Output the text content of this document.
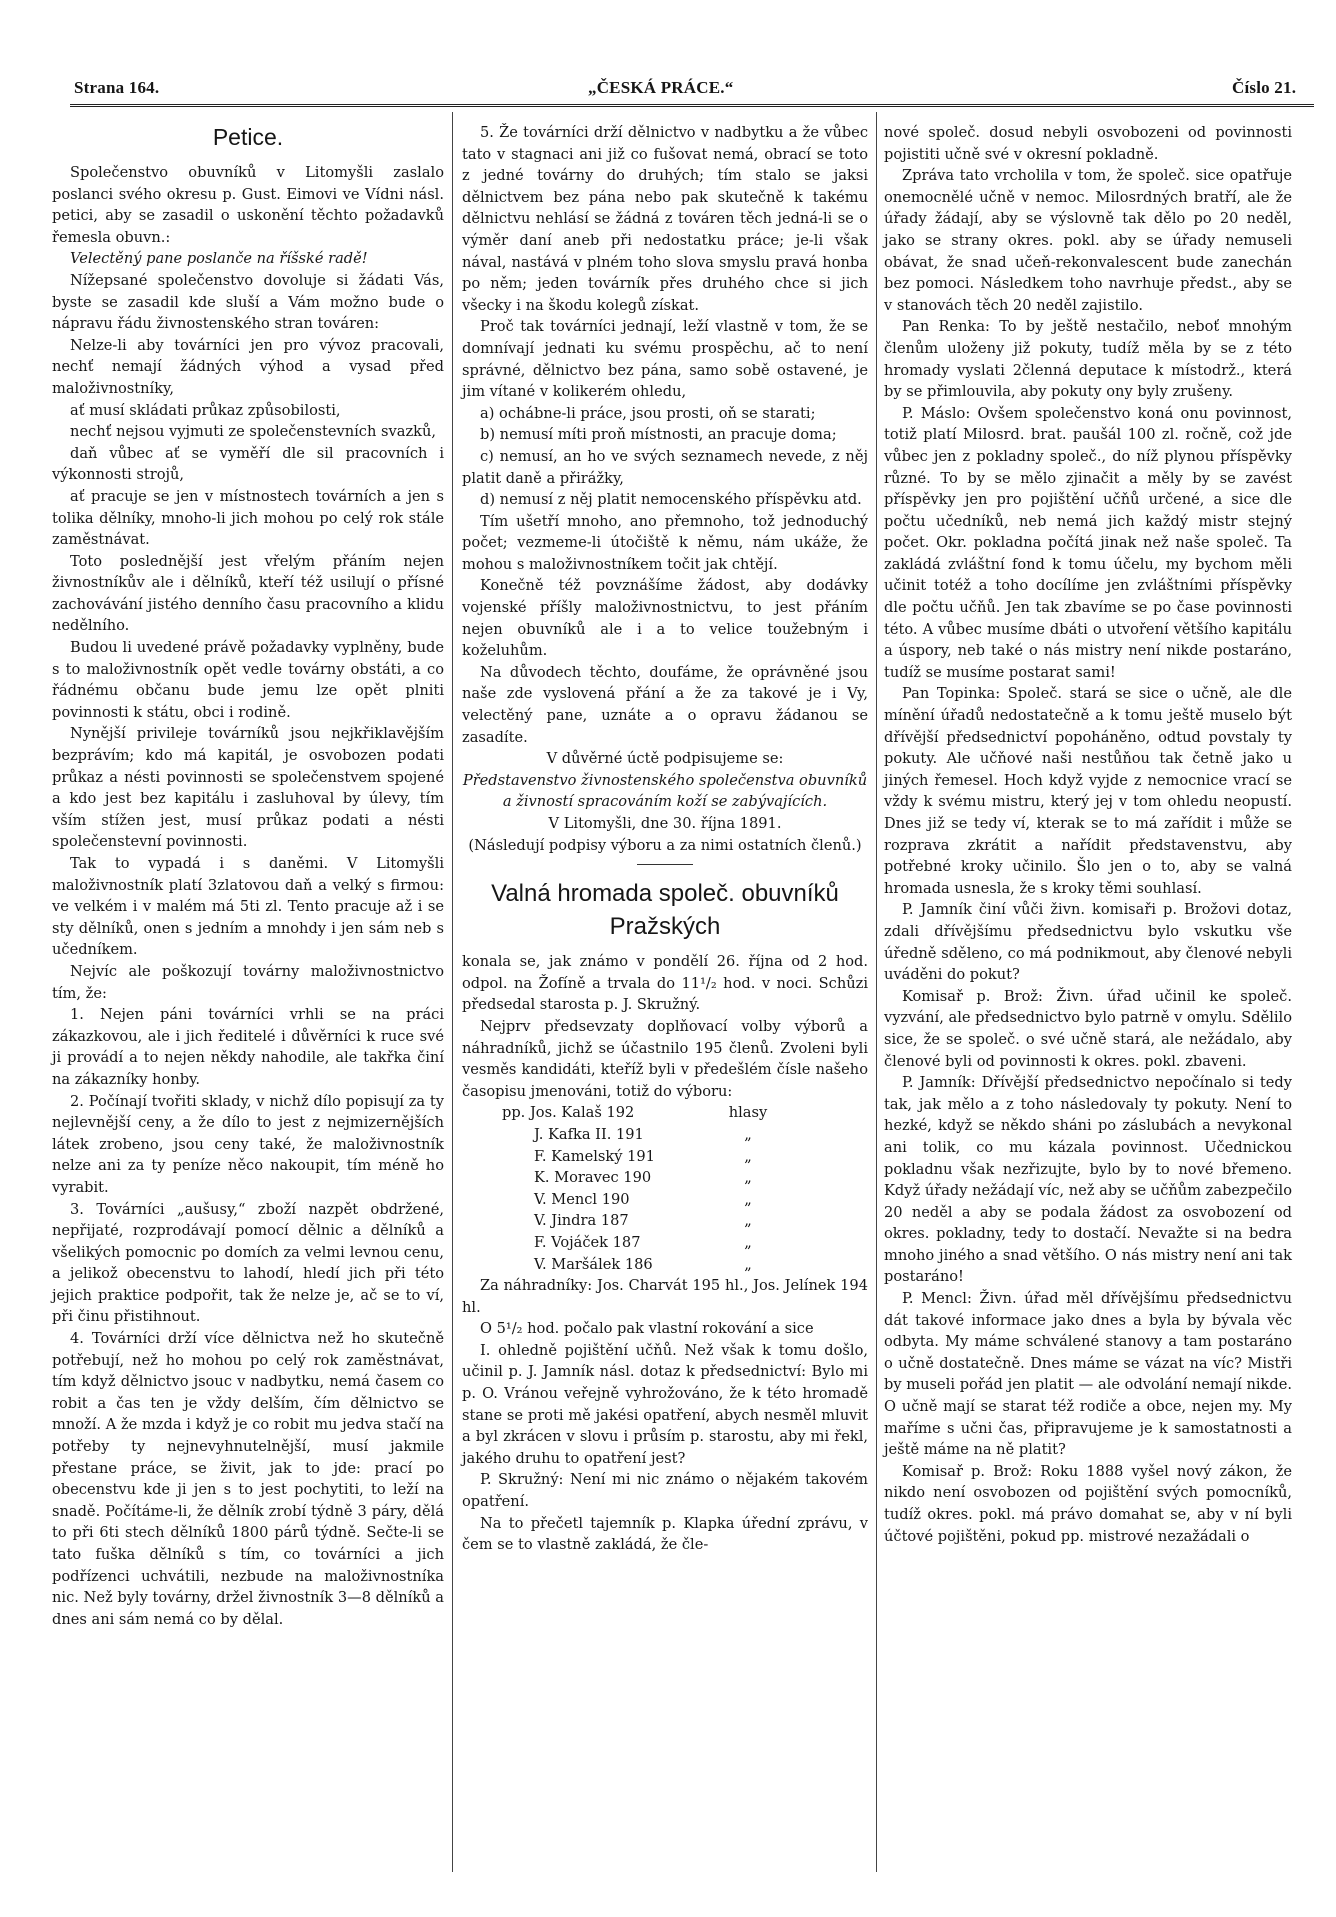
Strana 164.	„ČESKÁ PRÁCE.“	Číslo 21.
Petice.

Společenstvo obuvníků v Litomyšli zaslalo poslanci svého okresu p. Gust. Eimovi ve Vídni násl. petici, aby se zasadil o uskonění těchto požadavků řemesla obuvn.:

Velectěný pane poslanče na říšské radě!

Nížepsané společenstvo dovoluje si žádati Vás, byste se zasadil kde sluší a Vám možno bude o nápravu řádu živnostenského stran továren:

Nelze-li aby továrníci jen pro vývoz pracovali, nechť nemají žádných výhod a vysad před maloživnostníky,

ať musí skládati průkaz způsobilosti,

nechť nejsou vyjmuti ze společenstevních svazků,

daň vůbec ať se vyměří dle sil pracovních i výkonnosti strojů,

ať pracuje se jen v místnostech továrních a jen s tolika dělníky, mnoho-li jich mohou po celý rok stále zaměstnávat.

Toto poslednější jest vřelým přáním nejen živnostníkův ale i dělníků, kteří též usilují o přísné zachovávání jistého denního času pracovního a klidu nedělního.

Budou li uvedené právě požadavky vyplněny, bude s to maloživnostník opět vedle továrny obstáti, a co řádnému občanu bude jemu lze opět plniti povinnosti k státu, obci i rodině.

Nynější privileje továrníků jsou nejkřiklavějším bezprávím; kdo má kapitál, je osvobozen podati průkaz a nésti povinnosti se společenstvem spojené a kdo jest bez kapitálu i zasluhoval by úlevy, tím vším stížen jest, musí průkaz podati a nésti společenstevní povinnosti.

Tak to vypadá i s daněmi. V Litomyšli maloživnostník platí 3zlatovou daň a velký s firmou: ve velkém i v malém má 5ti zl. Tento pracuje až i se sty dělníků, onen s jedním a mnohdy i jen sám neb s učedníkem.

Nejvíc ale poškozují továrny maloživnostnictvo tím, že:

1. Nejen páni továrníci vrhli se na práci zákazkovou, ale i jich ředitelé i důvěrníci k ruce své ji provádí a to nejen někdy nahodile, ale takřka činí na zákazníky honby.

2. Počínají tvořiti sklady, v nichž dílo popisují za ty nejlevnější ceny, a že dílo to jest z nejmizernějších látek zrobeno, jsou ceny také, že maloživnostník nelze ani za ty peníze něco nakoupit, tím méně ho vyrabit.

3. Továrníci „aušusy,“ zboží nazpět obdržené, nepřijaté, rozprodávají pomocí dělnic a dělníků a všelikých pomocnic po domích za velmi levnou cenu, a jelikož obecenstvu to lahodí, hledí jich při této jejich praktice podpořit, tak že nelze je, ač se to ví, při činu přistihnout.

4. Továrníci drží více dělnictva než ho skutečně potřebují, než ho mohou po celý rok zaměstnávat, tím když dělnictvo jsouc v nadbytku, nemá časem co robit a čas ten je vždy delším, čím dělnictvo se množí. A že mzda i když je co robit mu jedva stačí na potřeby ty nejnevyhnutelnější, musí jakmile přestane práce, se živit, jak to jde: prací po obecenstvu kde ji jen s to jest pochytiti, to leží na snadě. Počítáme-li, že dělník zrobí týdně 3 páry, dělá to při 6ti stech dělníků 1800 párů týdně. Sečte-li se tato fuška dělníků s tím, co továrníci a jich podřízenci uchvátili, nezbude na maloživnostníka nic. Než byly továrny, držel živnostník 3—8 dělníků a dnes ani sám nemá co by dělal.

5. Že továrníci drží dělnictvo v nadbytku a že vůbec tato v stagnaci ani již co fušovat nemá, obrací se toto z jedné továrny do druhých; tím stalo se jaksi dělnictvem bez pána nebo pak skutečně k takému dělnictvu nehlásí se žádná z továren těch jedná-li se o výměr daní aneb při nedostatku práce; je-li však nával, nastává v plném toho slova smyslu pravá honba po něm; jeden továrník přes druhého chce si jich všecky i na škodu kolegů získat.

Proč tak továrníci jednají, leží vlastně v tom, že se domnívají jednati ku svému prospěchu, ač to není správné, dělnictvo bez pána, samo sobě ostavené, je jim vítané v kolikerém ohledu,

a) ochábne-li práce, jsou prosti, oň se starati;

b) nemusí míti proň místnosti, an pracuje doma;

c) nemusí, an ho ve svých seznamech nevede, z něj platit daně a přirážky,

d) nemusí z něj platit nemocenského příspěvku atd.

Tím ušetří mnoho, ano přemnoho, tož jednoduchý počet; vezmeme-li útočiště k němu, nám ukáže, že mohou s maloživnostníkem točit jak chtějí.

Konečně též povznášíme žádost, aby dodávky vojenské příšly maloživnostnictvu, to jest přáním nejen obuvníků ale i a to velice toužebným i koželuhům.

Na důvodech těchto, doufáme, že oprávněné jsou naše zde vyslovená přání a že za takové je i Vy, velectěný pane, uznáte a o opravu žádanou se zasadíte.

V důvěrné úctě podpisujeme se:

Představenstvo živnostenského společenstva obuvníků a živností spracováním koží se zabývajících.

V Litomyšli, dne 30. října 1891.

(Následují podpisy výboru a za nimi ostatních členů.)

Valná hromada společ. obuvníků Pražských

konala se, jak známo v pondělí 26. října od 2 hod. odpol. na Žofíně a trvala do 11¹/₂ hod. v noci. Schůzi předsedal starosta p. J. Skružný.

Nejprv předsevzaty doplňovací volby výborů a náhradníků, jichž se účastnilo 195 členů. Zvoleni byli vesměs kandidáti, kteříž byli v předešlém čísle našeho časopisu jmenováni, totiž do výboru:

pp. Jos. Kalaš 192	hlasy	
J. Kafka II. 191	„	
F. Kamelský 191	„	
K. Moravec 190	„	
V. Mencl 190	„	
V. Jindra 187	„	
F. Vojáček 187	„	
V. Maršálek 186	„	

Za náhradníky: Jos. Charvát 195 hl., Jos. Jelínek 194 hl.

O 5¹/₂ hod. počalo pak vlastní rokování a sice

I. ohledně pojištění učňů. Než však k tomu došlo, učinil p. J. Jamník násl. dotaz k předsednictví: Bylo mi p. O. Vránou veřejně vyhrožováno, že k této hromadě stane se proti mě jakési opatření, abych nesměl mluvit a byl zkrácen v slovu i průsím p. starostu, aby mi řekl, jakého druhu to opatření jest?

P. Skružný: Není mi nic známo o nějakém takovém opatření.

Na to přečetl tajemník p. Klapka úřední zprávu, v čem se to vlastně zakládá, že čle-

nové společ. dosud nebyli osvobozeni od povinnosti pojistiti učně své v okresní pokladně.

Zpráva tato vrcholila v tom, že společ. sice opatřuje onemocnělé učně v nemoc. Milosrdných bratří, ale že úřady žádají, aby se výslovně tak dělo po 20 neděl, jako se strany okres. pokl. aby se úřady nemuseli obávat, že snad učeň-rekonvalescent bude zanechán bez pomoci. Následkem toho navrhuje předst., aby se v stanovách těch 20 neděl zajistilo.

Pan Renka: To by ještě nestačilo, neboť mnohým členům uloženy již pokuty, tudíž měla by se z této hromady vyslati 2členná deputace k místodrž., která by se přimlouvila, aby pokuty ony byly zrušeny.

P. Máslo: Ovšem společenstvo koná onu povinnost, totiž platí Milosrd. brat. paušál 100 zl. ročně, což jde vůbec jen z pokladny společ., do níž plynou příspěvky různé. To by se mělo zjinačit a měly by se zavést příspěvky jen pro pojištění učňů určené, a sice dle počtu učedníků, neb nemá jich každý mistr stejný počet. Okr. pokladna počítá jinak než naše společ. Ta zakládá zvláštní fond k tomu účelu, my bychom měli učinit totéž a toho docílíme jen zvláštními příspěvky dle počtu učňů. Jen tak zbavíme se po čase povinnosti této. A vůbec musíme dbáti o utvoření většího kapitálu a úspory, neb také o nás mistry není nikde postaráno, tudíž se musíme postarat sami!

Pan Topinka: Společ. stará se sice o učně, ale dle mínění úřadů nedostatečně a k tomu ještě muselo být dřívější předsednictví popoháněno, odtud povstaly ty pokuty. Ale učňové naši nestůňou tak četně jako u jiných řemesel. Hoch když vyjde z nemocnice vrací se vždy k svému mistru, který jej v tom ohledu neopustí. Dnes již se tedy ví, kterak se to má zařídit i může se rozprava zkrátit a nařídit představenstvu, aby potřebné kroky učinilo. Šlo jen o to, aby se valná hromada usnesla, že s kroky těmi souhlasí.

P. Jamník činí vůči živn. komisaři p. Brožovi dotaz, zdali dřívějšímu předsednictvu bylo vskutku vše úředně sděleno, co má podnikmout, aby členové nebyli uváděni do pokut?

Komisař p. Brož: Živn. úřad učinil ke společ. vyzvání, ale předsednictvo bylo patrně v omylu. Sdělilo sice, že se společ. o své učně stará, ale nežádalo, aby členové byli od povinnosti k okres. pokl. zbaveni.

P. Jamník: Dřívější předsednictvo nepočínalo si tedy tak, jak mělo a z toho následovaly ty pokuty. Není to hezké, když se někdo sháni po záslubách a nevykonal ani tolik, co mu kázala povinnost. Učednickou pokladnu však nezřizujte, bylo by to nové břemeno. Když úřady nežádají víc, než aby se učňům zabezpečilo 20 neděl a aby se podala žádost za osvobození od okres. pokladny, tedy to dostačí. Nevažte si na bedra mnoho jiného a snad většího. O nás mistry není ani tak postaráno!

P. Mencl: Živn. úřad měl dřívějšímu předsednictvu dát takové informace jako dnes a byla by bývala věc odbyta. My máme schválené stanovy a tam postaráno o učně dostatečně. Dnes máme se vázat na víc? Mistři by museli pořád jen platit — ale odvolání nemají nikde. O učně mají se starat též rodiče a obce, nejen my. My maříme s učni čas, připravujeme je k samostatnosti a ještě máme na ně platit?

Komisař p. Brož: Roku 1888 vyšel nový zákon, že nikdo není osvobozen od pojištění svých pomocníků, tudíž okres. pokl. má právo domahat se, aby v ní byli účtové pojištěni, pokud pp. mistrové nezažádali o
